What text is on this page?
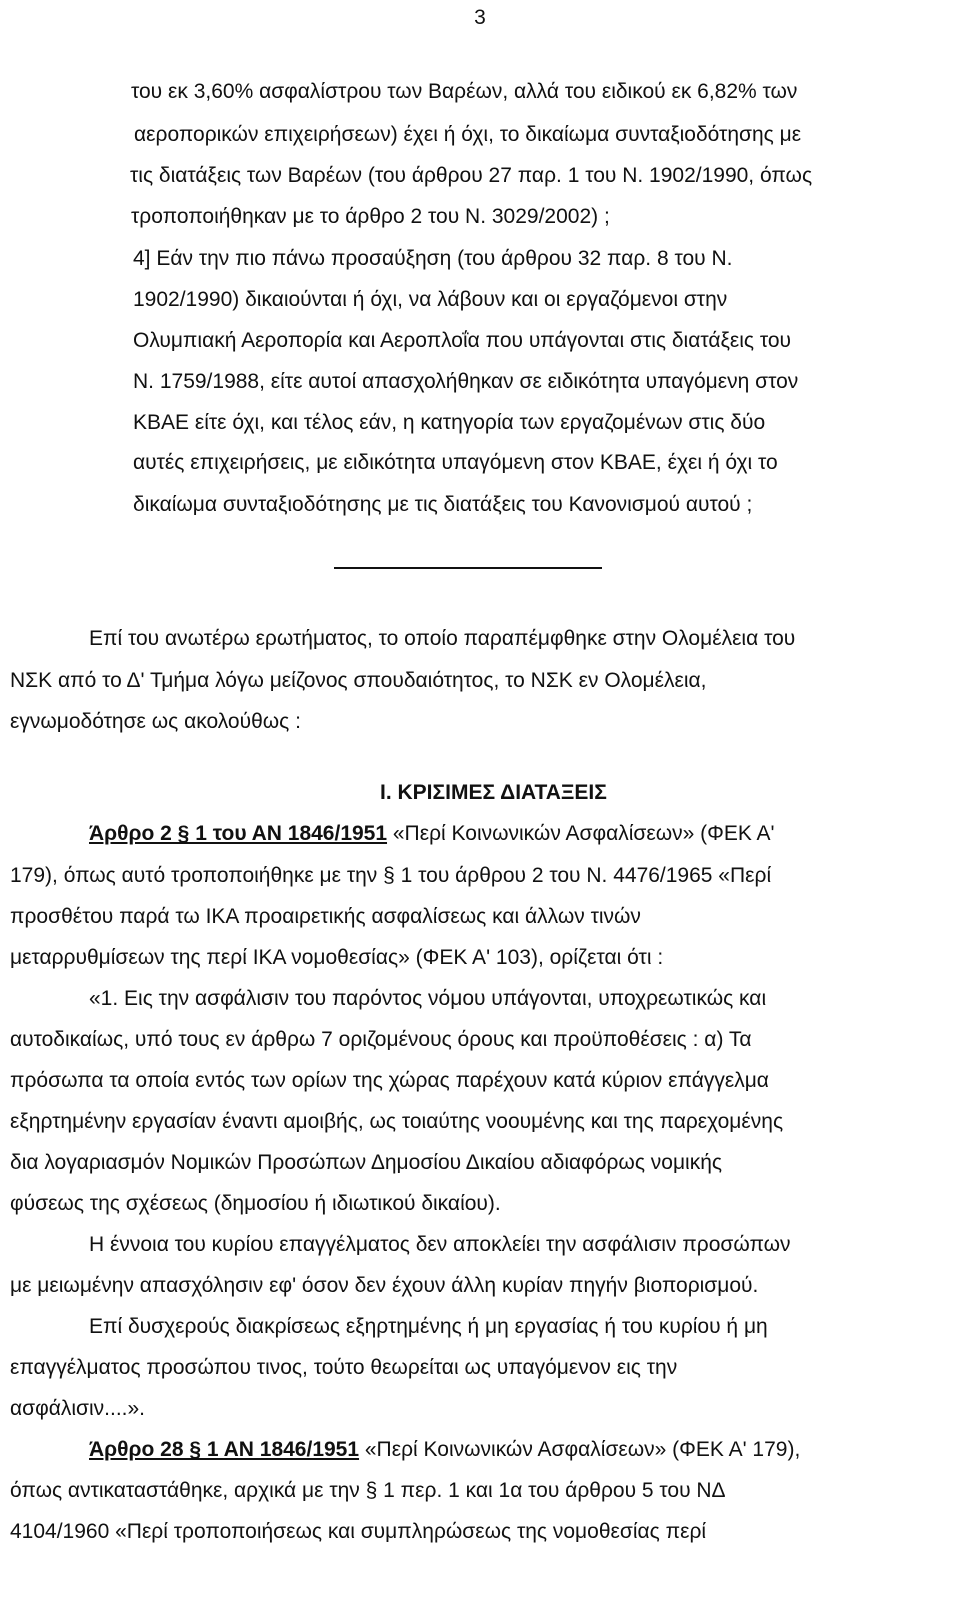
3
του εκ 3,60% ασφαλίστρου των Βαρέων, αλλά του ειδικού εκ 6,82% των
αεροπορικών επιχειρήσεων) έχει ή όχι, το δικαίωμα συνταξιοδότησης με
τις διατάξεις των Βαρέων (του άρθρου 27 παρ. 1 του Ν. 1902/1990, όπως
τροποποιήθηκαν με το άρθρο 2 του Ν. 3029/2002) ;
4] Εάν την πιο πάνω προσαύξηση (του άρθρου 32 παρ. 8 του Ν.
1902/1990) δικαιούνται ή όχι, να λάβουν και οι εργαζόμενοι στην
Ολυμπιακή Αεροπορία και Αεροπλοΐα που υπάγονται στις διατάξεις του
Ν. 1759/1988, είτε αυτοί απασχολήθηκαν σε ειδικότητα υπαγόμενη στον
ΚΒΑΕ είτε όχι, και τέλος εάν, η κατηγορία των εργαζομένων στις δύο
αυτές επιχειρήσεις, με ειδικότητα υπαγόμενη στον ΚΒΑΕ, έχει ή όχι το
δικαίωμα συνταξιοδότησης με τις διατάξεις του Κανονισμού αυτού ;
Επί του ανωτέρω ερωτήματος, το οποίο παραπέμφθηκε στην Ολομέλεια του
ΝΣΚ από το Δ' Τμήμα λόγω μείζονος σπουδαιότητος, το ΝΣΚ εν Ολομέλεια,
εγνωμοδότησε ως ακολούθως :
Ι. ΚΡΙΣΙΜΕΣ ΔΙΑΤΑΞΕΙΣ
Άρθρο 2 § 1 του ΑΝ 1846/1951 «Περί Κοινωνικών Ασφαλίσεων» (ΦΕΚ Α'
179), όπως αυτό τροποποιήθηκε με την § 1 του άρθρου 2 του Ν. 4476/1965 «Περί
προσθέτου παρά τω ΙΚΑ προαιρετικής ασφαλίσεως και άλλων τινών
μεταρρυθμίσεων της περί ΙΚΑ νομοθεσίας» (ΦΕΚ Α' 103), ορίζεται ότι :
«1. Εις την ασφάλισιν του παρόντος νόμου υπάγονται, υποχρεωτικώς και
αυτοδικαίως, υπό τους εν άρθρω 7 οριζομένους όρους και προϋποθέσεις : α) Τα
πρόσωπα τα οποία εντός των ορίων της χώρας παρέχουν κατά κύριον επάγγελμα
εξηρτημένην εργασίαν έναντι αμοιβής, ως τοιαύτης νοουμένης και της παρεχομένης
δια λογαριασμόν Νομικών Προσώπων Δημοσίου Δικαίου αδιαφόρως νομικής
φύσεως της σχέσεως (δημοσίου ή ιδιωτικού δικαίου).
Η έννοια του κυρίου επαγγέλματος δεν αποκλείει την ασφάλισιν προσώπων
με μειωμένην απασχόλησιν εφ' όσον δεν έχουν άλλη κυρίαν πηγήν βιοπορισμού.
Επί δυσχερούς διακρίσεως εξηρτημένης ή μη εργασίας ή του κυρίου ή μη
επαγγέλματος προσώπου τινος, τούτο θεωρείται ως υπαγόμενον εις την
ασφάλισιν....».
Άρθρο 28 § 1 ΑΝ 1846/1951 «Περί Κοινωνικών Ασφαλίσεων» (ΦΕΚ Α' 179),
όπως αντικαταστάθηκε, αρχικά με την § 1 περ. 1 και 1α του άρθρου 5 του ΝΔ
4104/1960 «Περί τροποποιήσεως και συμπληρώσεως της νομοθεσίας περί
